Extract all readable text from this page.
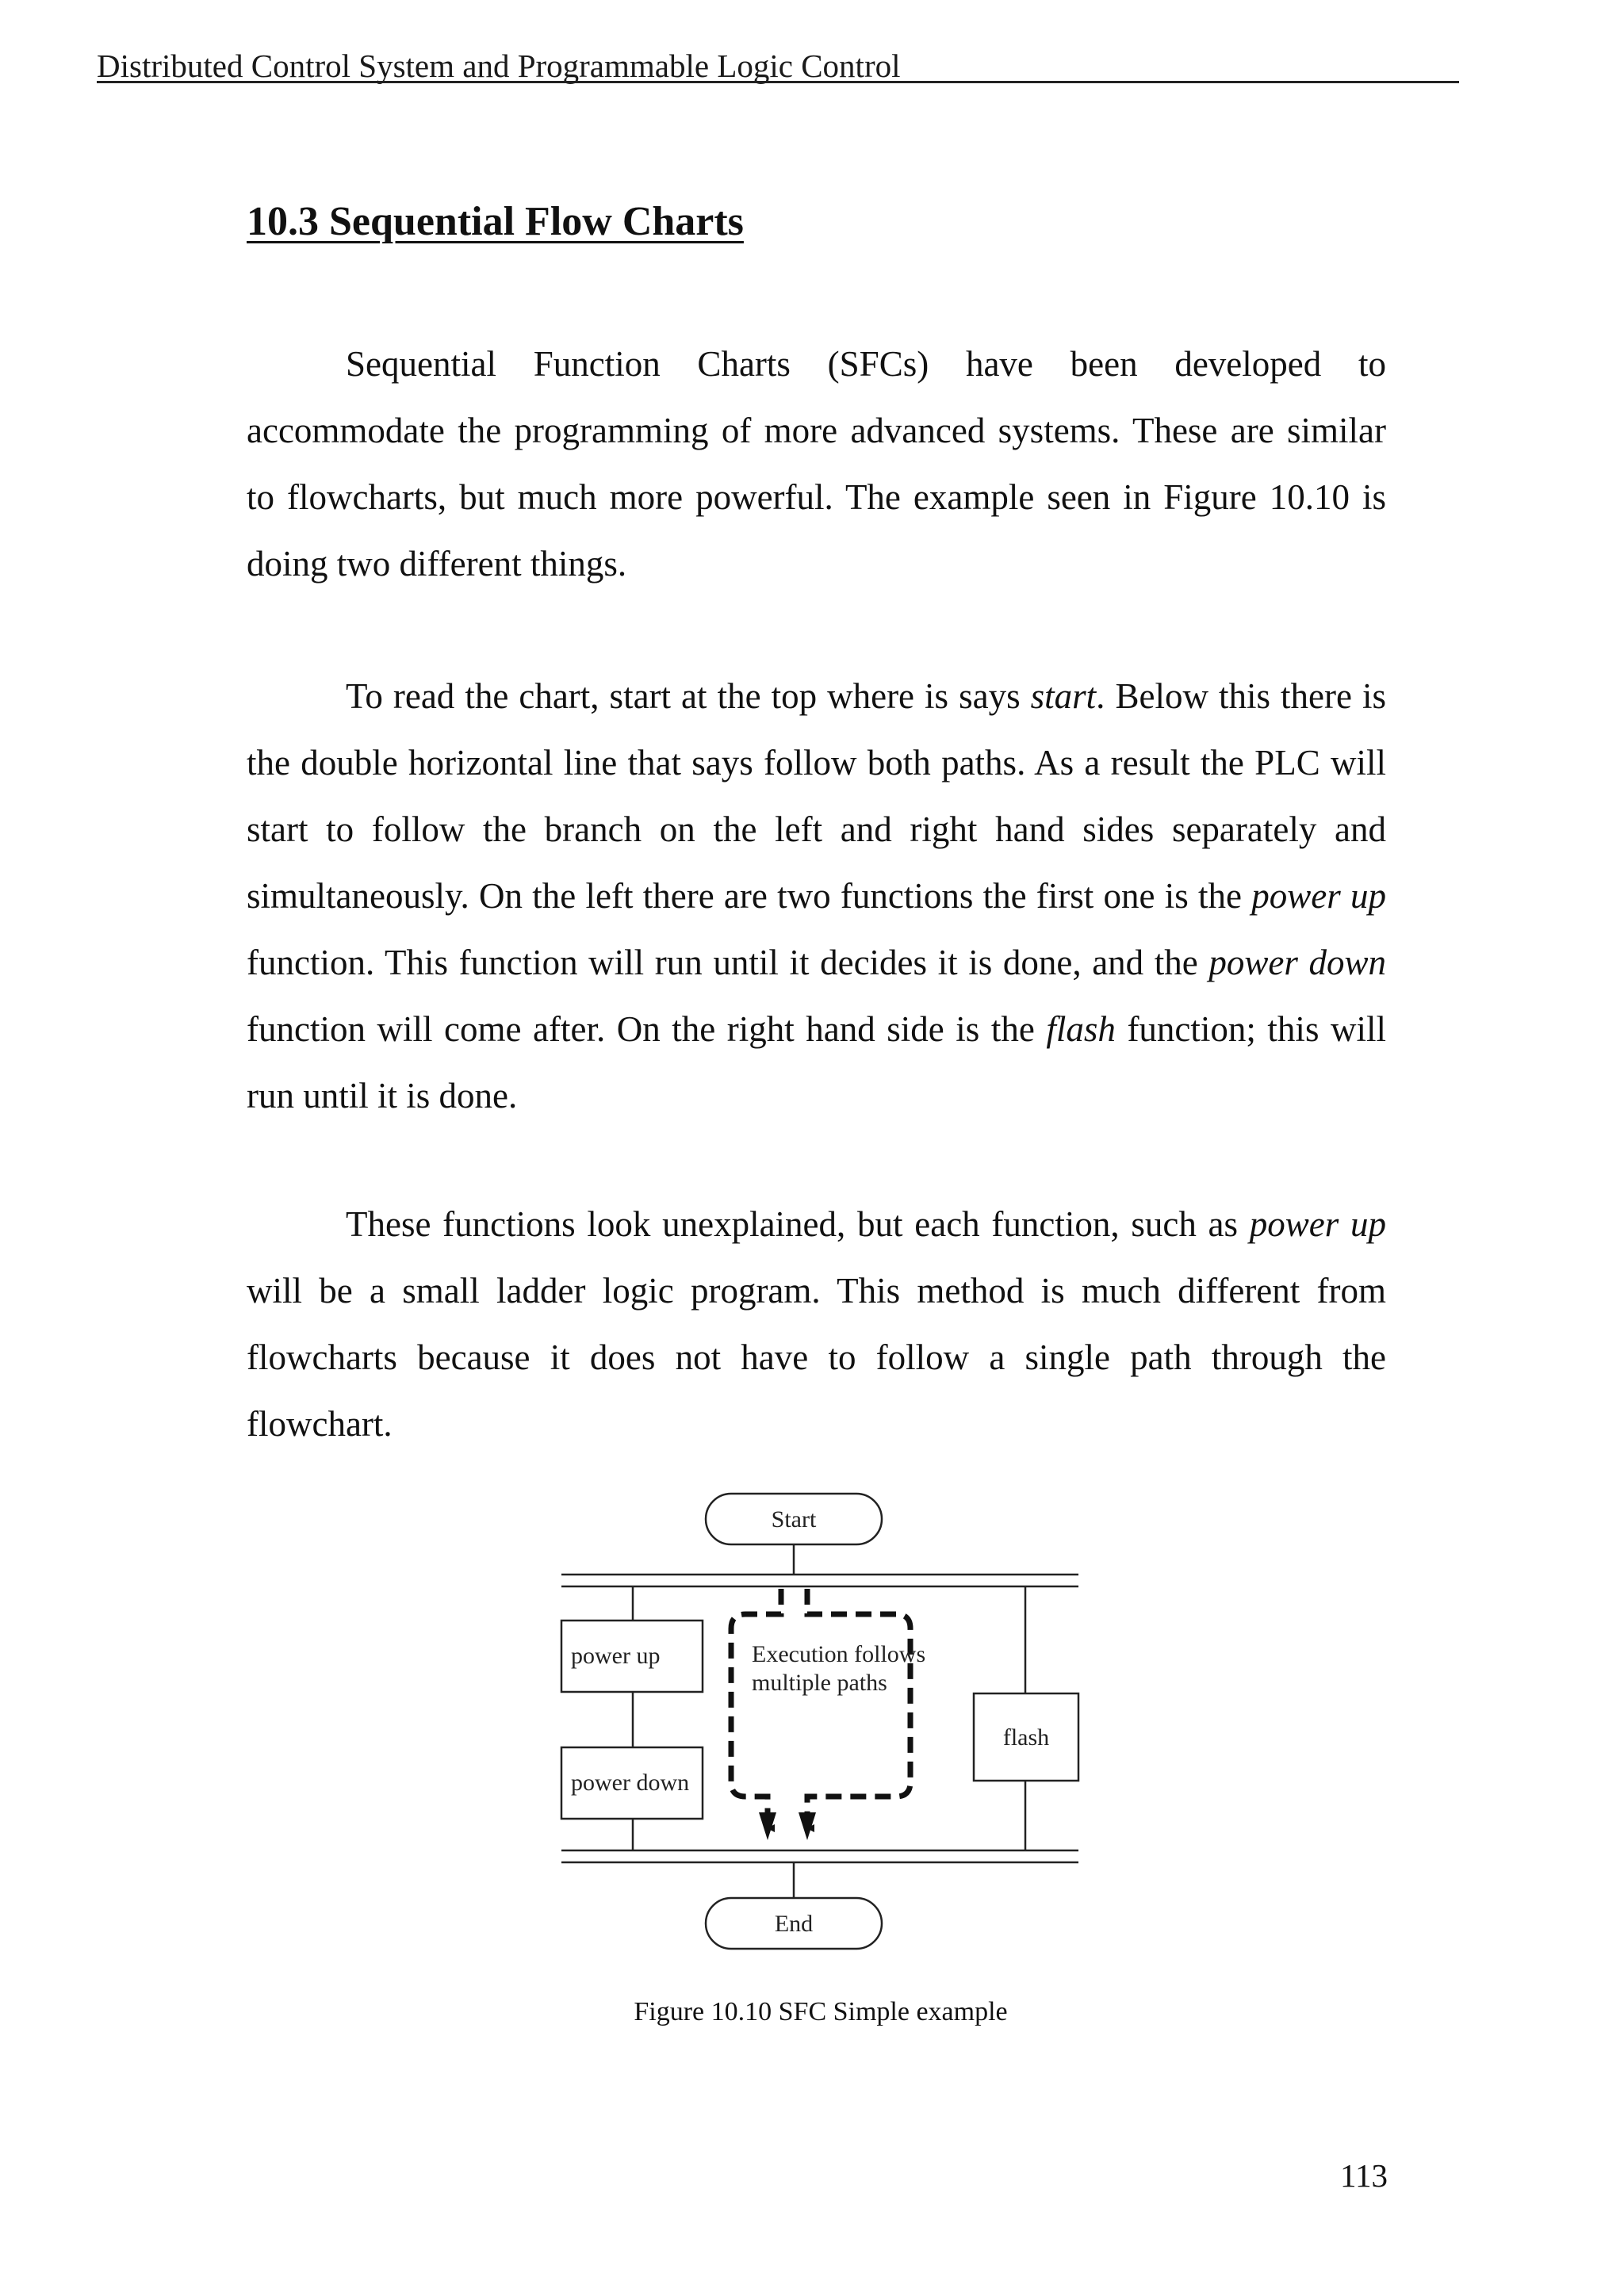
Distributed Control System and Programmable Logic Control
10.3 Sequential Flow Charts

Sequential Function Charts (SFCs) have been developed to accommodate the programming of more advanced systems. These are similar to flowcharts, but much more powerful. The example seen in Figure 10.10 is doing two different things.

To read the chart, start at the top where is says start. Below this there is the double horizontal line that says follow both paths. As a result the PLC will start to follow the branch on the left and right hand sides separately and simultaneously. On the left there are two functions the first one is the power up function. This function will run until it decides it is done, and the power down function will come after. On the right hand side is the flash function; this will run until it is done.

These functions look unexplained, but each function, such as power up will be a small ladder logic program. This method is much different from flowcharts because it does not have to follow a single path through the flowchart.

Start
power up
power down
flash
Execution follows
multiple paths
End
Figure 10.10 SFC Simple example
113
